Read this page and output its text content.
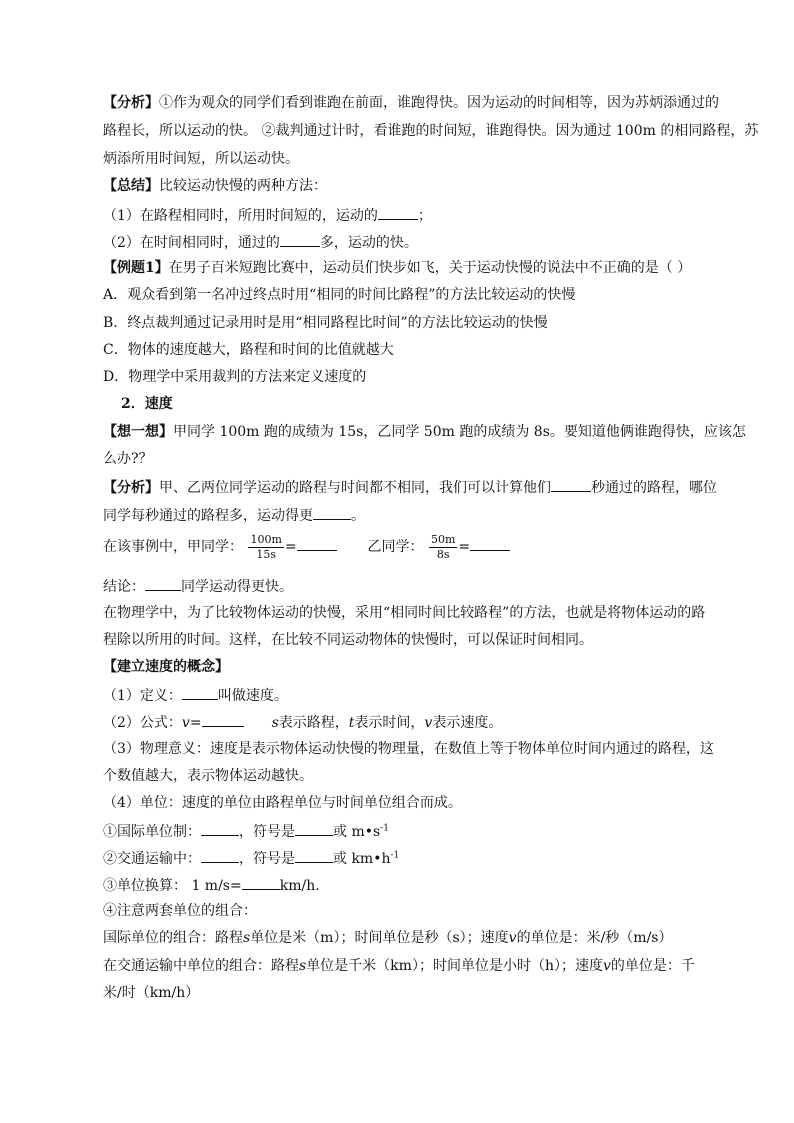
【分析】①作为观众的同学们看到谁跑在前面，谁跑得快。因为运动的时间相等，因为苏炳添通过的
路程长，所以运动的快。 ②裁判通过计时，看谁跑的时间短，谁跑得快。因为通过 100m 的相同路程，苏
炳添所用时间短，所以运动快。
【总结】比较运动快慢的两种方法：
（1）在路程相同时，所用时间短的，运动的	；
（2）在时间相同时，通过的	多，运动的快。
【例题1】在男子百米短跑比赛中，运动员们快步如飞，关于运动快慢的说法中不正确的是（ ）
A．观众看到第一名冲过终点时用“相同的时间比路程”的方法比较运动的快慢
B．终点裁判通过记录用时是用“相同路程比时间”的方法比较运动的快慢
C．物体的速度越大，路程和时间的比值就越大
D．物理学中采用裁判的方法来定义速度的
2．速度
【想一想】甲同学 100m 跑的成绩为 15s，乙同学 50m 跑的成绩为 8s。要知道他俩谁跑得快，应该怎
么办?？
【分析】甲、乙两位同学运动的路程与时间都不相同，我们可以计算他们	秒通过的路程，哪位
同学每秒通过的路程多，运动得更	。
在该事例中，甲同学： $\frac{100m}{15s}$ =	乙同学： $\frac{50m}{8s}$ =
结论：	同学运动得更快。
在物理学中，为了比较物体运动的快慢，采用“相同时间比较路程”的方法，也就是将物体运动的路
程除以所用的时间。这样，在比较不同运动物体的快慢时，可以保证时间相同。
【建立速度的概念】
（1）定义：	叫做速度。
（2）公式：v=	s表示路程，t表示时间，v表示速度。
（3）物理意义：速度是表示物体运动快慢的物理量，在数值上等于物体单位时间内通过的路程，这
个数值越大，表示物体运动越快。
（4）单位：速度的单位由路程单位与时间单位组合而成。
①国际单位制：	，符号是	或 $m•s^{-1}$
②交通运输中：	，符号是	或 $km•h^{-1}$
③单位换算： 1 m/s=	km/h.
④注意两套单位的组合：
国际单位的组合：路程s单位是米（m）；时间单位是秒（s）；速度v的单位是：米/秒（m/s）
在交通运输中单位的组合：路程s单位是千米（km）；时间单位是小时（h）；速度v的单位是：千
米/时（km/h）
